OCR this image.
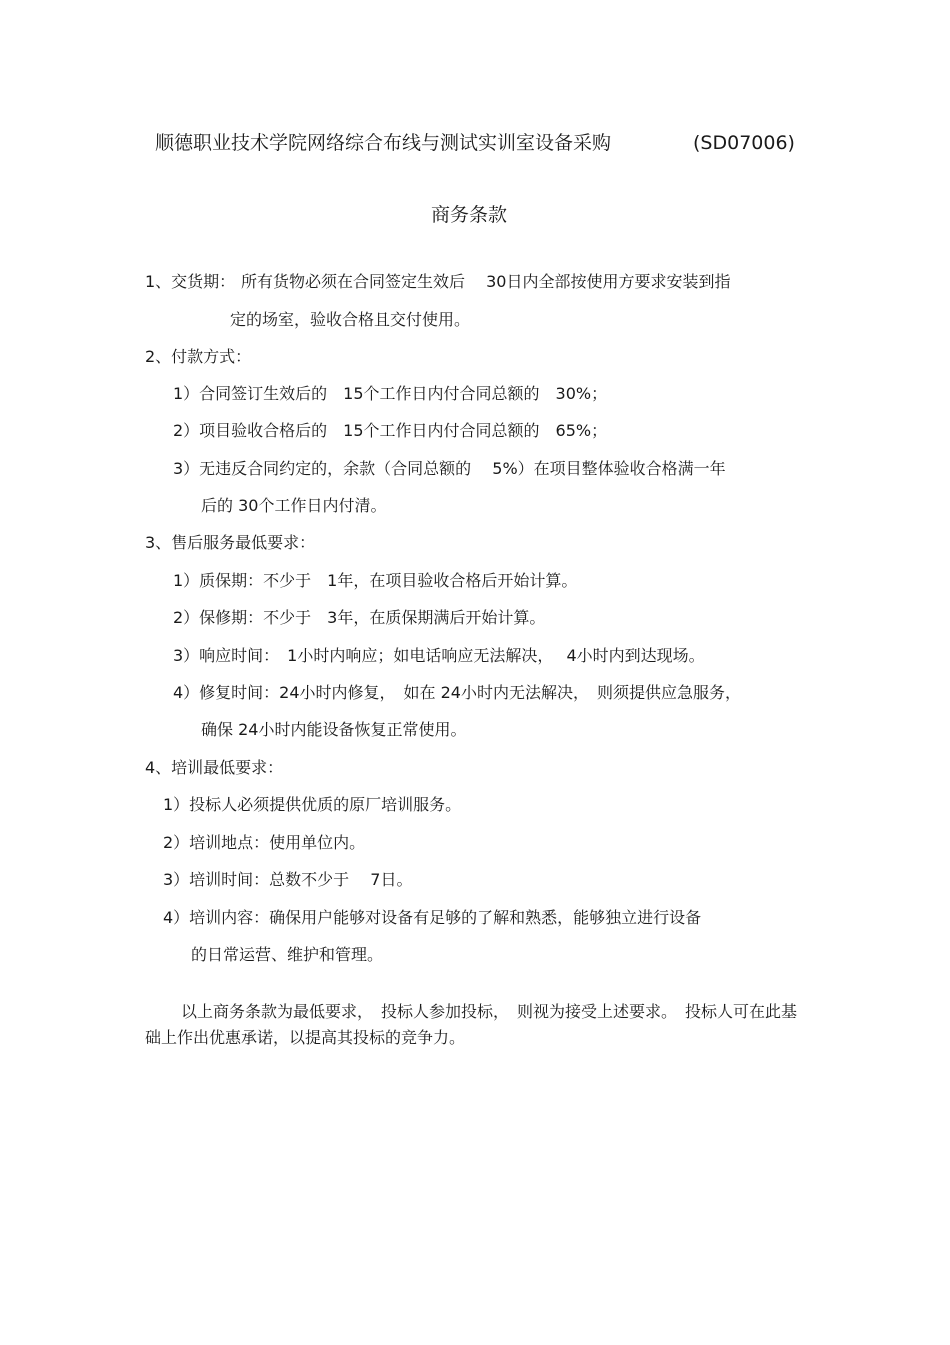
顺德职业技术学院网络综合布线与测试实训室设备采购	(SD07006)
商务条款
1、交货期： 所有货物必须在合同签定生效后　 30日内全部按使用方要求安装到指
定的场室，验收合格且交付使用。
2、付款方式：
1）合同签订生效后的　15个工作日内付合同总额的　30%；
2）项目验收合格后的　15个工作日内付合同总额的　65%；
3）无违反合同约定的，余款（合同总额的　 5%）在项目整体验收合格满一年
后的 30个工作日内付清。
3、售后服务最低要求：
1）质保期：不少于　1年，在项目验收合格后开始计算。
2）保修期：不少于　3年，在质保期满后开始计算。
3）响应时间：　1小时内响应；如电话响应无法解决，　 4小时内到达现场。
4）修复时间：24小时内修复，　如在 24小时内无法解决，　则须提供应急服务，
确保 24小时内能设备恢复正常使用。
4、培训最低要求：
1）投标人必须提供优质的原厂培训服务。
2）培训地点：使用单位内。
3）培训时间：总数不少于　 7日。
4）培训内容：确保用户能够对设备有足够的了解和熟悉，能够独立进行设备
的日常运营、维护和管理。
以上商务条款为最低要求，　投标人参加投标，　则视为接受上述要求。　投标人可在此基础上作出优惠承诺，以提高其投标的竞争力。
